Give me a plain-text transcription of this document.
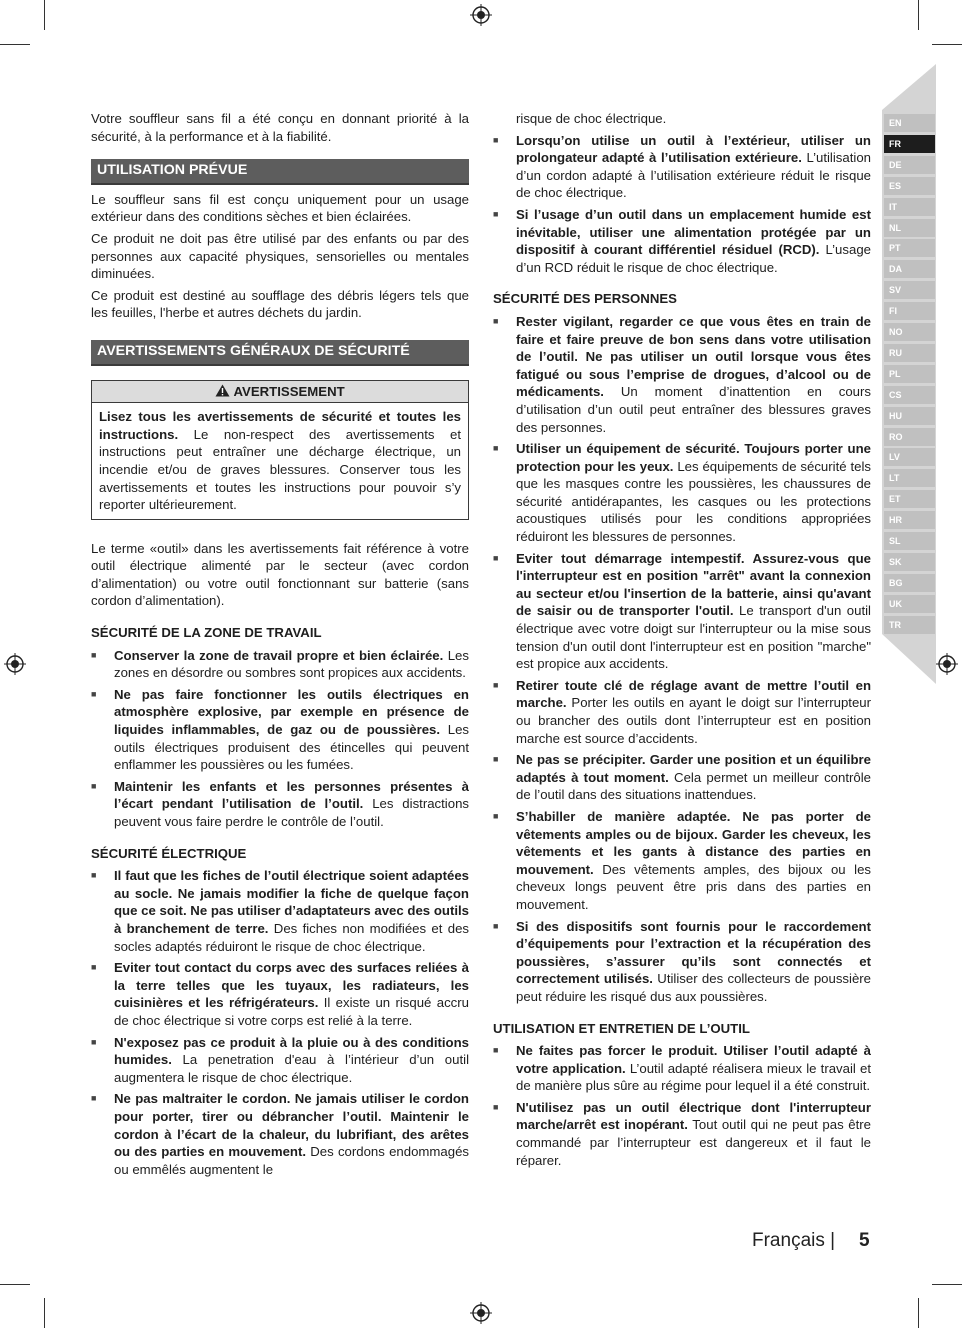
EN
FR
DE
ES
IT
NL
PT
DA
SV
FI
NO
RU
PL
CS
HU
RO
LV
LT
ET
HR
SL
SK
BG
UK
TR

Votre souffleur sans fil a été conçu en donnant priorité à la sécurité, à la performance et à la fiabilité.

UTILISATION PRÉVUE

Le souffleur sans fil est conçu uniquement pour un usage extérieur dans des conditions sèches et bien éclairées.

Ce produit ne doit pas être utilisé par des enfants ou par des personnes aux capacité physiques, sensorielles ou mentales diminuées.

Ce produit est destiné au soufflage des débris légers tels que les feuilles, l'herbe et autres déchets du jardin.

AVERTISSEMENTS GÉNÉRAUX DE SÉCURITÉ
AVERTISSEMENT
Lisez tous les avertissements de sécurité et toutes les instructions. Le non-respect des avertissements et instructions peut entraîner une décharge électrique, un incendie et/ou de graves blessures. Conserver tous les avertissements et toutes les instructions pour pouvoir s’y reporter ultérieurement.

Le terme «outil» dans les avertissements fait référence à votre outil électrique alimenté par le secteur (avec cordon d’alimentation) ou votre outil fonctionnant sur batterie (sans cordon d’alimentation).

SÉCURITÉ DE LA ZONE DE TRAVAIL
■ Conserver la zone de travail propre et bien éclairée. Les zones en désordre ou sombres sont propices aux accidents.
■ Ne pas faire fonctionner les outils électriques en atmosphère explosive, par exemple en présence de liquides inflammables, de gaz ou de poussières. Les outils électriques produisent des étincelles qui peuvent enflammer les poussières ou les fumées.
■ Maintenir les enfants et les personnes présentes à l’écart pendant l’utilisation de l’outil. Les distractions peuvent vous faire perdre le contrôle de l’outil.
SÉCURITÉ ÉLECTRIQUE
■ Il faut que les fiches de l’outil électrique soient adaptées au socle. Ne jamais modifier la fiche de quelque façon que ce soit. Ne pas utiliser d’adaptateurs avec des outils à branchement de terre. Des fiches non modifiées et des socles adaptés réduiront le risque de choc électrique.
■ Eviter tout contact du corps avec des surfaces reliées à la terre telles que les tuyaux, les radiateurs, les cuisinières et les réfrigérateurs. Il existe un risqué accru de choc électrique si votre corps est relié à la terre.
■ N'exposez pas ce produit à la pluie ou à des conditions humides. La penetration d'eau à l’intérieur d’un outil augmentera le risque de choc électrique.
■ Ne pas maltraiter le cordon. Ne jamais utiliser le cordon pour porter, tirer ou débrancher l’outil. Maintenir le cordon à l’écart de la chaleur, du lubrifiant, des arêtes ou des parties en mouvement. Des cordons endommagés ou emmêlés augmentent le

risque de choc électrique.

■ Lorsqu’on utilise un outil à l’extérieur, utiliser un prolongateur adapté à l’utilisation extérieure. L’utilisation d’un cordon adapté à l’utilisation extérieure réduit le risque de choc électrique.
■ Si l’usage d’un outil dans un emplacement humide est inévitable, utiliser une alimentation protégée par un dispositif à courant différentiel résiduel (RCD). L’usage d’un RCD réduit le risque de choc électrique.
SÉCURITÉ DES PERSONNES
■ Rester vigilant, regarder ce que vous êtes en train de faire et faire preuve de bon sens dans votre utilisation de l’outil. Ne pas utiliser un outil lorsque vous êtes fatigué ou sous l’emprise de drogues, d’alcool ou de médicaments. Un moment d’inattention en cours d’utilisation d’un outil peut entraîner des blessures graves des personnes.
■ Utiliser un équipement de sécurité. Toujours porter une protection pour les yeux. Les équipements de sécurité tels que les masques contre les poussières, les chaussures de sécurité antidérapantes, les casques ou les protections acoustiques utilisés pour les conditions appropriées réduiront les blessures de personnes.
■ Eviter tout démarrage intempestif. Assurez-vous que l'interrupteur est en position "arrêt" avant la connexion au secteur et/ou l'insertion de la batterie, ainsi qu'avant de saisir ou de transporter l'outil. Le transport d'un outil électrique avec votre doigt sur l'interrupteur ou la mise sous tension d'un outil dont l'interrupteur est en position "marche" est propice aux accidents.
■ Retirer toute clé de réglage avant de mettre l’outil en marche. Porter les outils en ayant le doigt sur l’interrupteur ou brancher des outils dont l’interrupteur est en position marche est source d’accidents.
■ Ne pas se précipiter. Garder une position et un équilibre adaptés à tout moment. Cela permet un meilleur contrôle de l’outil dans des situations inattendues.
■ S’habiller de manière adaptée. Ne pas porter de vêtements amples ou de bijoux. Garder les cheveux, les vêtements et les gants à distance des parties en mouvement. Des vêtements amples, des bijoux ou les cheveux longs peuvent être pris dans des parties en mouvement.
■ Si des dispositifs sont fournis pour le raccordement d’équipements pour l’extraction et la récupération des poussières, s’assurer qu’ils sont connectés et correctement utilisés. Utiliser des collecteurs de poussière peut réduire les risqué dus aux poussières.
UTILISATION ET ENTRETIEN DE L’OUTIL
■ Ne faites pas forcer le produit. Utiliser l’outil adapté à votre application. L’outil adapté réalisera mieux le travail et de manière plus sûre au régime pour lequel il a été construit.
■ N'utilisez pas un outil électrique dont l'interrupteur marche/arrêt est inopérant. Tout outil qui ne peut pas être commandé par l’interrupteur est dangereux et il faut le réparer.
Français | 5
